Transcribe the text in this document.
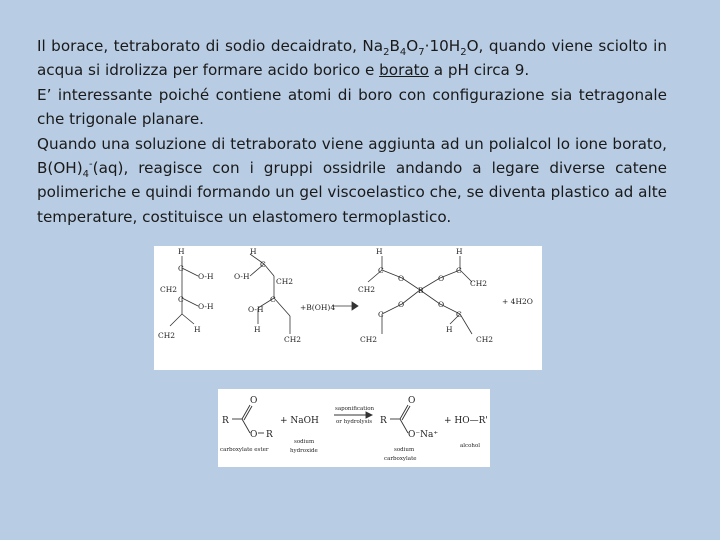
Il borace, tetraborato di sodio decaidrato, $Na_2B_4O_7\cdot 10H_2O$, quando viene sciolto in acqua si idrolizza per formare acido borico e borato a pH circa 9.

E’ interessante poiché contiene atomi di boro con configurazione sia tetragonale che trigonale planare.

Quando una soluzione di tetraborato viene aggiunta ad un polialcol lo ione borato, $B(OH)_4^-(aq)$, reagisce con i gruppi ossidrile andando a legare diverse catene polimeriche e quindi formando un gel viscoelastico che, se diventa plastico ad alte temperature, costituisce un elastomero termoplastico.

H
C
O-H
CH2
C
O-H
CH2
H
H
C
O-H
CH2
C
O-H
H
CH2
+B(OH)4
H
C
O
CH2	B
O
C
CH2
O
C
H
CH2
O
C
H
CH2
+ 4H2O
R
O
O R
+ NaOH	R
O
O⁻Na⁺
+ HO—R'
saponification
or hydrolysis
carboxylate ester
sodium
hydroxide	sodium
carboxylate
alcohol
